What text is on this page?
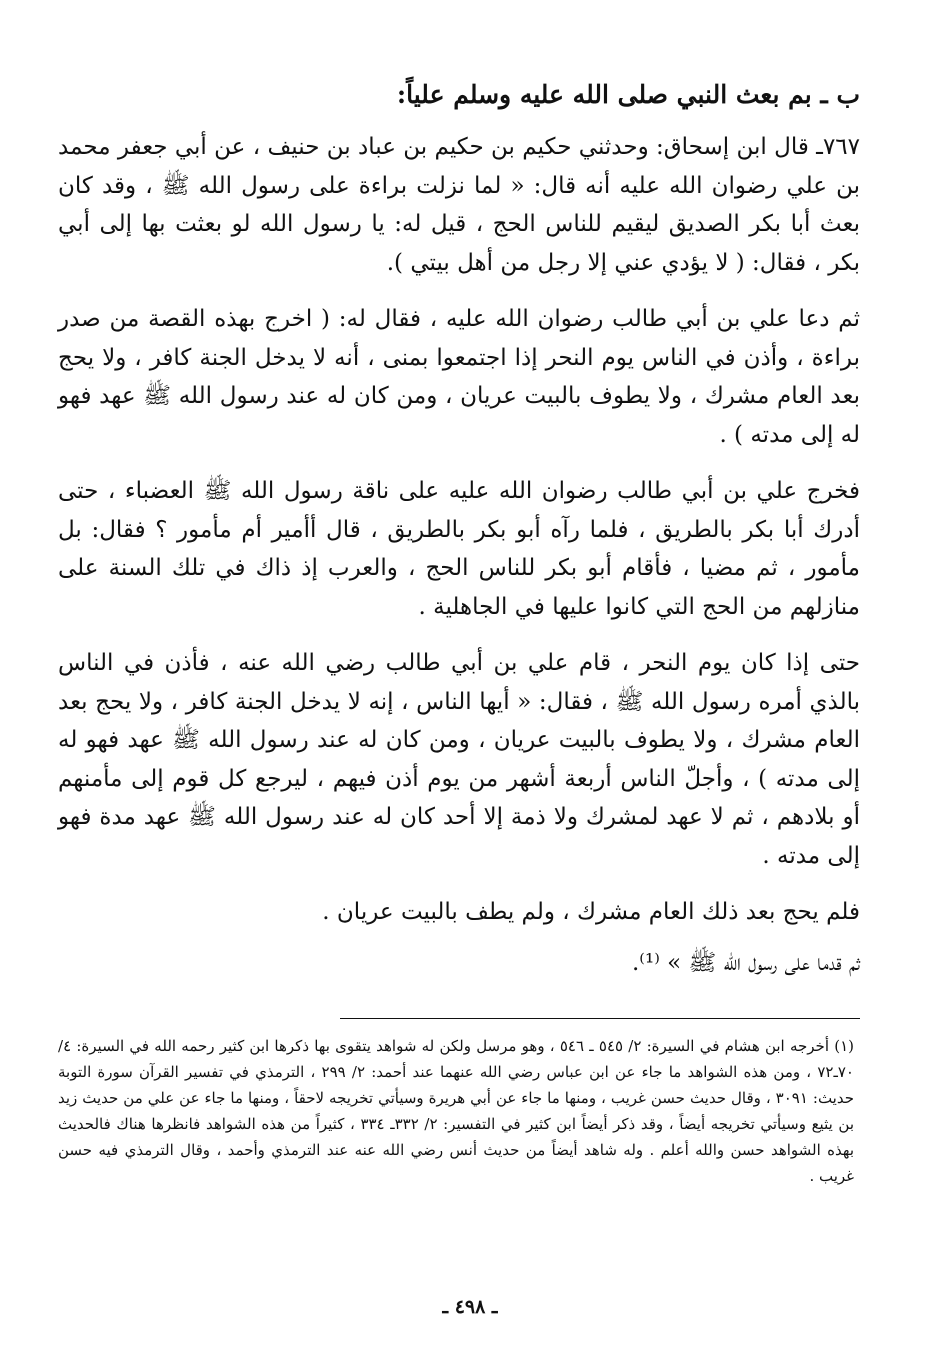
ب ـ بم بعث النبي صلى الله عليه وسلم علياً:

٧٦٧ـ قال ابن إسحاق: وحدثني حكيم بن حكيم بن عباد بن حنيف ، عن أبي جعفر محمد بن علي رضوان الله عليه أنه قال: « لما نزلت براءة على رسول الله ﷺ ، وقد كان بعث أبا بكر الصديق ليقيم للناس الحج ، قيل له: يا رسول الله لو بعثت بها إلى أبي بكر ، فقال: ( لا يؤدي عني إلا رجل من أهل بيتي ).

ثم دعا علي بن أبي طالب رضوان الله عليه ، فقال له: ( اخرج بهذه القصة من صدر براءة ، وأذن في الناس يوم النحر إذا اجتمعوا بمنى ، أنه لا يدخل الجنة كافر ، ولا يحج بعد العام مشرك ، ولا يطوف بالبيت عريان ، ومن كان له عند رسول الله ﷺ عهد فهو له إلى مدته ) .

فخرج علي بن أبي طالب رضوان الله عليه على ناقة رسول الله ﷺ العضباء ، حتى أدرك أبا بكر بالطريق ، فلما رآه أبو بكر بالطريق ، قال أأمير أم مأمور ؟ فقال: بل مأمور ، ثم مضيا ، فأقام أبو بكر للناس الحج ، والعرب إذ ذاك في تلك السنة على منازلهم من الحج التي كانوا عليها في الجاهلية .

حتى إذا كان يوم النحر ، قام علي بن أبي طالب رضي الله عنه ، فأذن في الناس بالذي أمره رسول الله ﷺ ، فقال: « أيها الناس ، إنه لا يدخل الجنة كافر ، ولا يحج بعد العام مشرك ، ولا يطوف بالبيت عريان ، ومن كان له عند رسول الله ﷺ عهد فهو له إلى مدته ) ، وأجلّ الناس أربعة أشهر من يوم أذن فيهم ، ليرجع كل قوم إلى مأمنهم أو بلادهم ، ثم لا عهد لمشرك ولا ذمة إلا أحد كان له عند رسول الله ﷺ عهد مدة فهو إلى مدته .

فلم يحج بعد ذلك العام مشرك ، ولم يطف بالبيت عريان .

ثم قدما على رسول الله ﷺ » ⁽¹⁾.

(١) أخرجه ابن هشام في السيرة: ٢/ ٥٤٥ ـ ٥٤٦ ، وهو مرسل ولكن له شواهد يتقوى بها ذكرها ابن كثير رحمه الله في السيرة: ٤/ ٧٠ـ٧٢ ، ومن هذه الشواهد ما جاء عن ابن عباس رضي الله عنهما عند أحمد: ٢/ ٢٩٩ ، الترمذي في تفسير القرآن سورة التوبة حديث: ٣٠٩١ ، وقال حديث حسن غريب ، ومنها ما جاء عن أبي هريرة وسيأتي تخريجه لاحقاً ، ومنها ما جاء عن علي من حديث زيد بن يثيع وسيأتي تخريجه أيضاً ، وقد ذكر أيضاً ابن كثير في التفسير: ٢/ ٣٣٢ـ ٣٣٤ ، كثيراً من هذه الشواهد فانظرها هناك فالحديث بهذه الشواهد حسن والله أعلم . وله شاهد أيضاً من حديث أنس رضي الله عنه عند الترمذي وأحمد ، وقال الترمذي فيه حسن غريب .

ـ ٤٩٨ ـ
